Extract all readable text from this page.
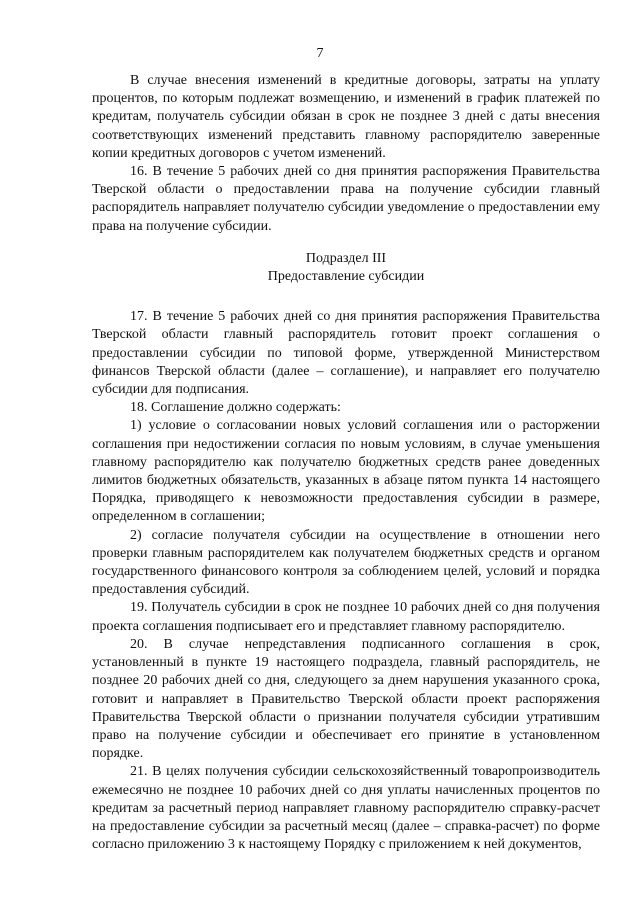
7

В случае внесения изменений в кредитные договоры, затраты на уплату процентов, по которым подлежат возмещению, и изменений в график платежей по кредитам, получатель субсидии обязан в срок не позднее 3 дней с даты внесения соответствующих изменений представить главному распорядителю заверенные копии кредитных договоров с учетом изменений.

16. В течение 5 рабочих дней со дня принятия распоряжения Правительства Тверской области о предоставлении права на получение субсидии главный распорядитель направляет получателю субсидии уведомление о предоставлении ему права на получение субсидии.

Подраздел III

Предоставление субсидии

17. В течение 5 рабочих дней со дня принятия распоряжения Правительства Тверской области главный распорядитель готовит проект соглашения о предоставлении субсидии по типовой форме, утвержденной Министерством финансов Тверской области (далее – соглашение), и направляет его получателю субсидии для подписания.

18. Соглашение должно содержать:

1) условие о согласовании новых условий соглашения или о расторжении соглашения при недостижении согласия по новым условиям, в случае уменьшения главному распорядителю как получателю бюджетных средств ранее доведенных лимитов бюджетных обязательств, указанных в абзаце пятом пункта 14 настоящего Порядка, приводящего к невозможности предоставления субсидии в размере, определенном в соглашении;

2) согласие получателя субсидии на осуществление в отношении него проверки главным распорядителем как получателем бюджетных средств и органом государственного финансового контроля за соблюдением целей, условий и порядка предоставления субсидий.

19. Получатель субсидии в срок не позднее 10 рабочих дней со дня получения проекта соглашения подписывает его и представляет главному распорядителю.

20. В случае непредставления подписанного соглашения в срок, установленный в пункте 19 настоящего подраздела, главный распорядитель, не позднее 20 рабочих дней со дня, следующего за днем нарушения указанного срока, готовит и направляет в Правительство Тверской области проект распоряжения Правительства Тверской области о признании получателя субсидии утратившим право на получение субсидии и обеспечивает его принятие в установленном порядке.

21. В целях получения субсидии сельскохозяйственный товаропроизводитель ежемесячно не позднее 10 рабочих дней со дня уплаты начисленных процентов по кредитам за расчетный период направляет главному распорядителю справку-расчет на предоставление субсидии за расчетный месяц (далее – справка-расчет) по форме согласно приложению 3 к настоящему Порядку с приложением к ней документов,
